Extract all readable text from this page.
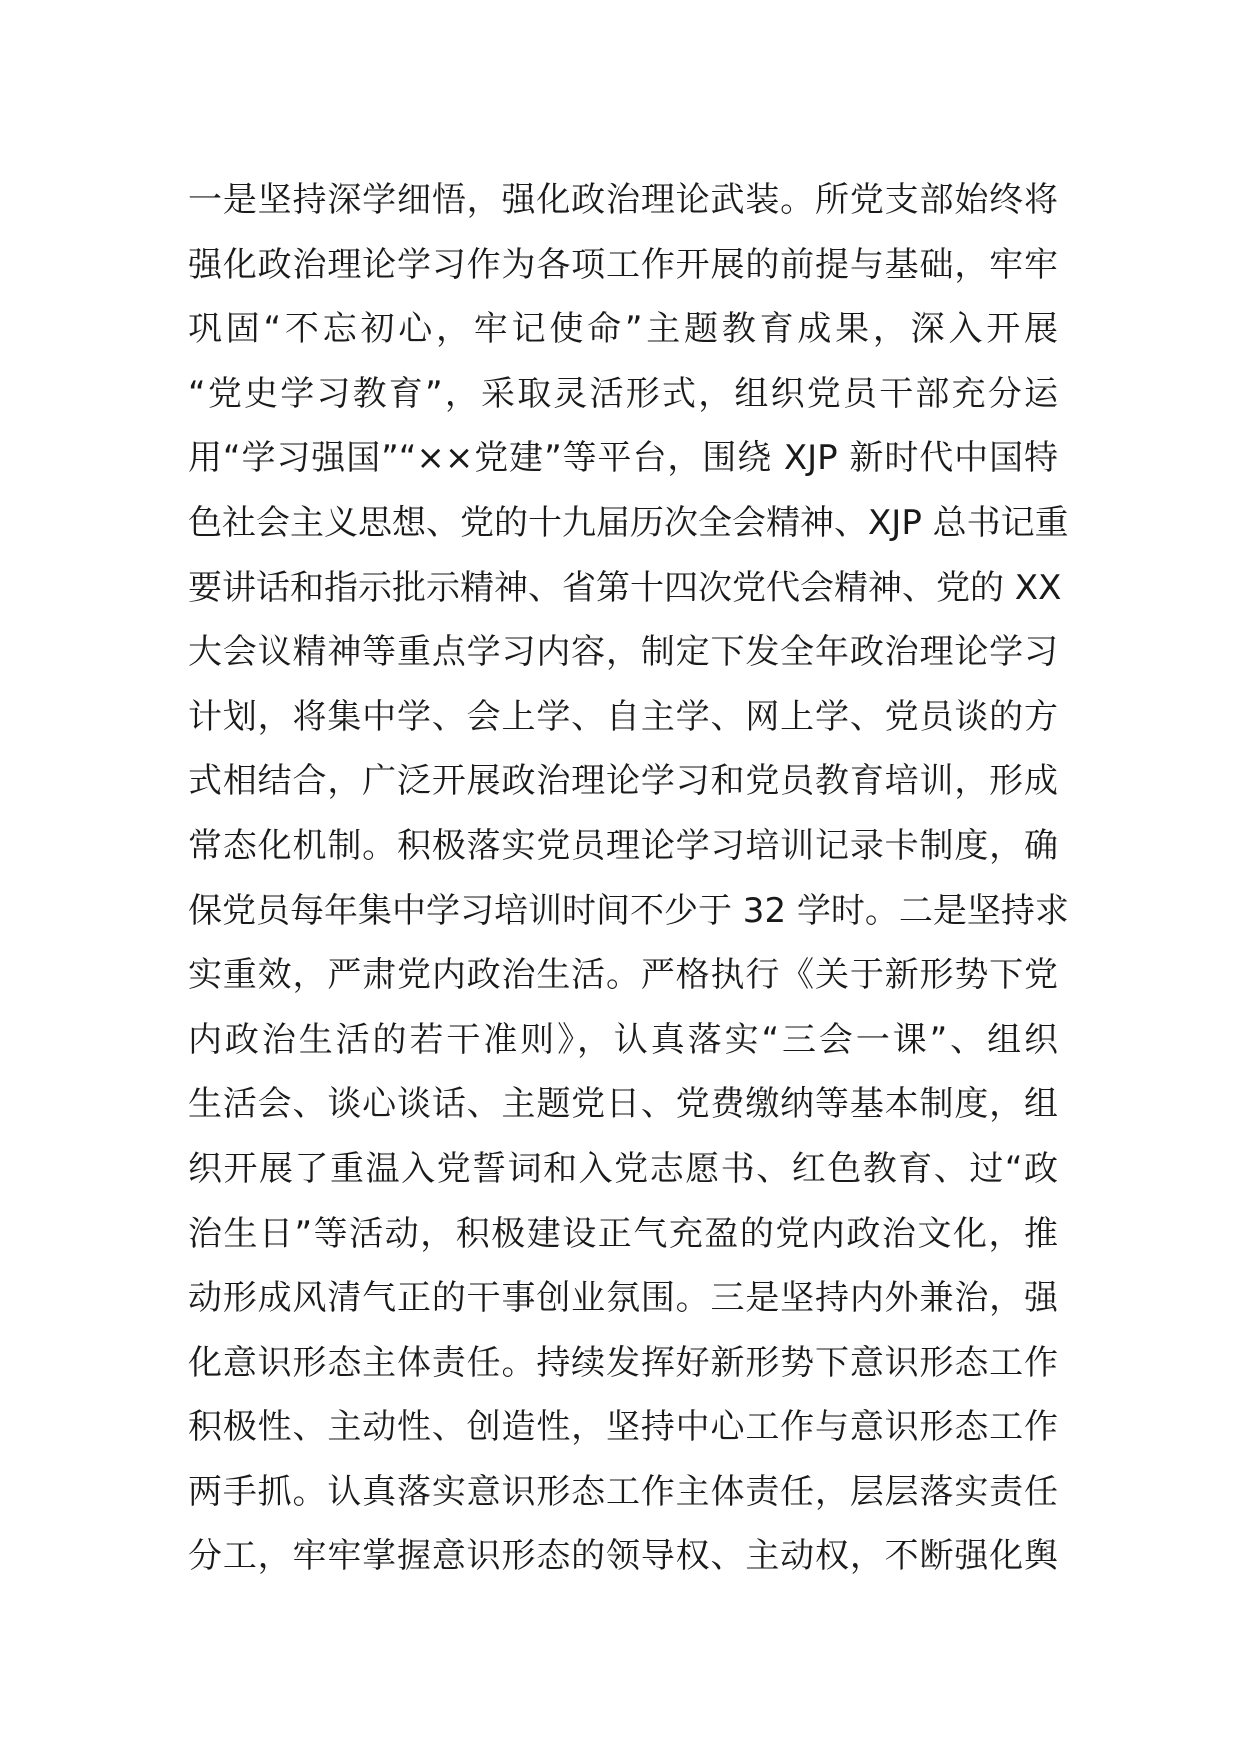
一是坚持深学细悟，强化政治理论武装。所党支部始终将
强化政治理论学习作为各项工作开展的前提与基础，牢牢
巩固“不忘初心，牢记使命”主题教育成果，深入开展
“党史学习教育”，采取灵活形式，组织党员干部充分运
用“学习强国”“××党建”等平台，围绕 XJP 新时代中国特
色社会主义思想、党的十九届历次全会精神、XJP 总书记重
要讲话和指示批示精神、省第十四次党代会精神、党的 XX
大会议精神等重点学习内容，制定下发全年政治理论学习
计划，将集中学、会上学、自主学、网上学、党员谈的方
式相结合，广泛开展政治理论学习和党员教育培训，形成
常态化机制。积极落实党员理论学习培训记录卡制度，确
保党员每年集中学习培训时间不少于 32 学时。二是坚持求
实重效，严肃党内政治生活。严格执行《关于新形势下党
内政治生活的若干准则》，认真落实“三会一课”、组织
生活会、谈心谈话、主题党日、党费缴纳等基本制度，组
织开展了重温入党誓词和入党志愿书、红色教育、过“政
治生日”等活动，积极建设正气充盈的党内政治文化，推
动形成风清气正的干事创业氛围。三是坚持内外兼治，强
化意识形态主体责任。持续发挥好新形势下意识形态工作
积极性、主动性、创造性，坚持中心工作与意识形态工作
两手抓。认真落实意识形态工作主体责任，层层落实责任
分工，牢牢掌握意识形态的领导权、主动权，不断强化舆
